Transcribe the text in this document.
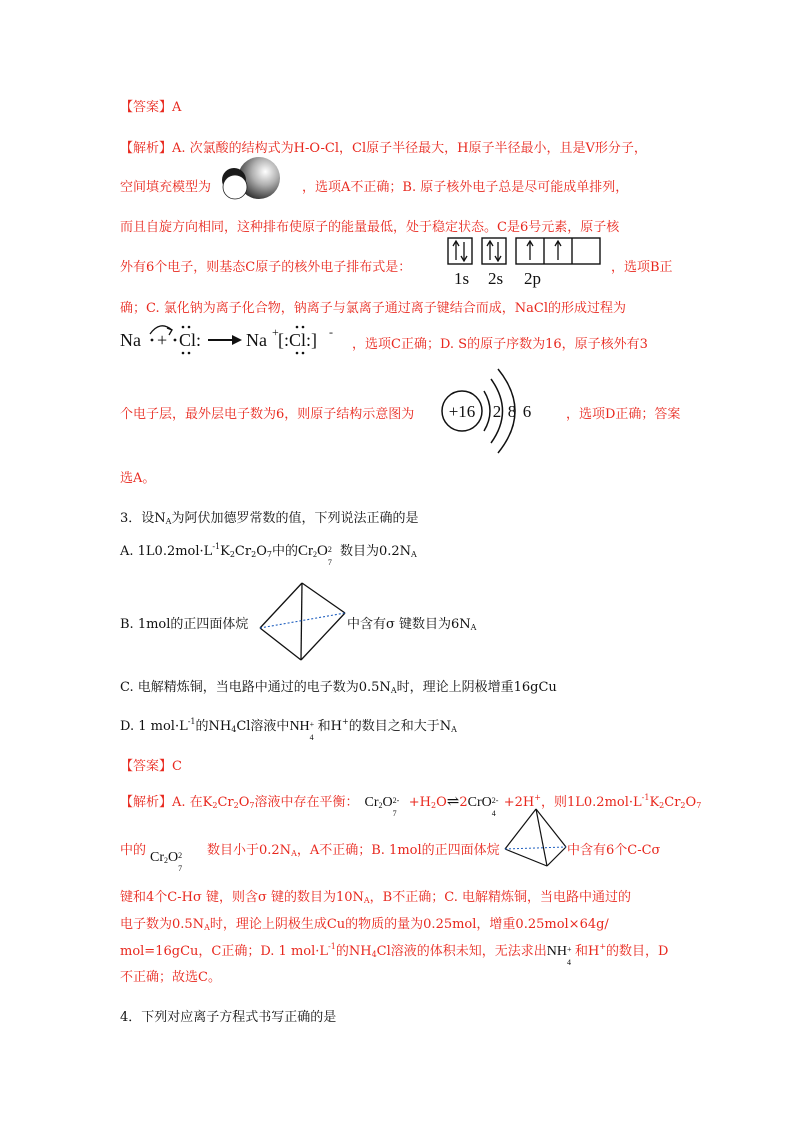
【答案】A
【解析】A. 次氯酸的结构式为H-O-Cl，Cl原子半径最大，H原子半径最小，且是V形分子，
空间填充模型为	，选项A不正确；B. 原子核外电子总是尽可能成单排列，
而且自旋方向相同，这种排布使原子的能量最低，处于稳定状态。C是6号元素，原子核
外有6个电子，则基态C原子的核外电子排布式是：
1s 2s 2p
，选项B正
确；C. 氯化钠为离子化合物，钠离子与氯离子通过离子键结合而成，NaCl的形成过程为
Na + Cl: Na + [:Cl:] -
，选项C正确；D. S的原子序数为16，原子核外有3
个电子层，最外层电子数为6，则原子结构示意图为 +16 2 8 6	，选项D正确；答案
选A。
3．设$N_A$为阿伏加德罗常数的值，下列说法正确的是
A. $1L0.2mol\cdot L^{-1}K_2Cr_2O_7$中的$Cr_2O$ 2
7
数目为$0.2N_A$
B. 1mol的正四面体烷	中含有σ 键数目为$6N_A$
C. 电解精炼铜，当电路中通过的电子数为$0.5N_A$时，理论上阴极增重16gCu
D. 1 $mol\cdot L^{-1}$的$NH_4Cl$溶液中NH +
4
和H+的数目之和大于$N_A$
【答案】C
【解析】A. 在$K_2Cr_2O_7$溶液中存在平衡： $Cr_2O$ 2-
7
$+H_2O\rightleftharpoons 2CrO$ 2-
4
+2H+，则$1L0.2mol\cdot L^{-1}K_2Cr_2O_7$
中的 $Cr_2O$ 2
7
数目小于$0.2N_A$，A不正确；B. 1mol的正四面体烷	中含有6个C-Cσ
键和4个C-Hσ 键，则含σ 键的数目为$10N_A$，B不正确；C. 电解精炼铜，当电路中通过的
电子数为$0.5N_A$时，理论上阴极生成Cu的物质的量为0.25mol，增重0.25mol×64g/
mol=16gCu，C正确；D. 1 $mol\cdot L^{-1}$的$NH_4Cl$溶液的体积未知，无法求出NH +
4
和H+的数目，D
不正确；故选C。
4．下列对应离子方程式书写正确的是
